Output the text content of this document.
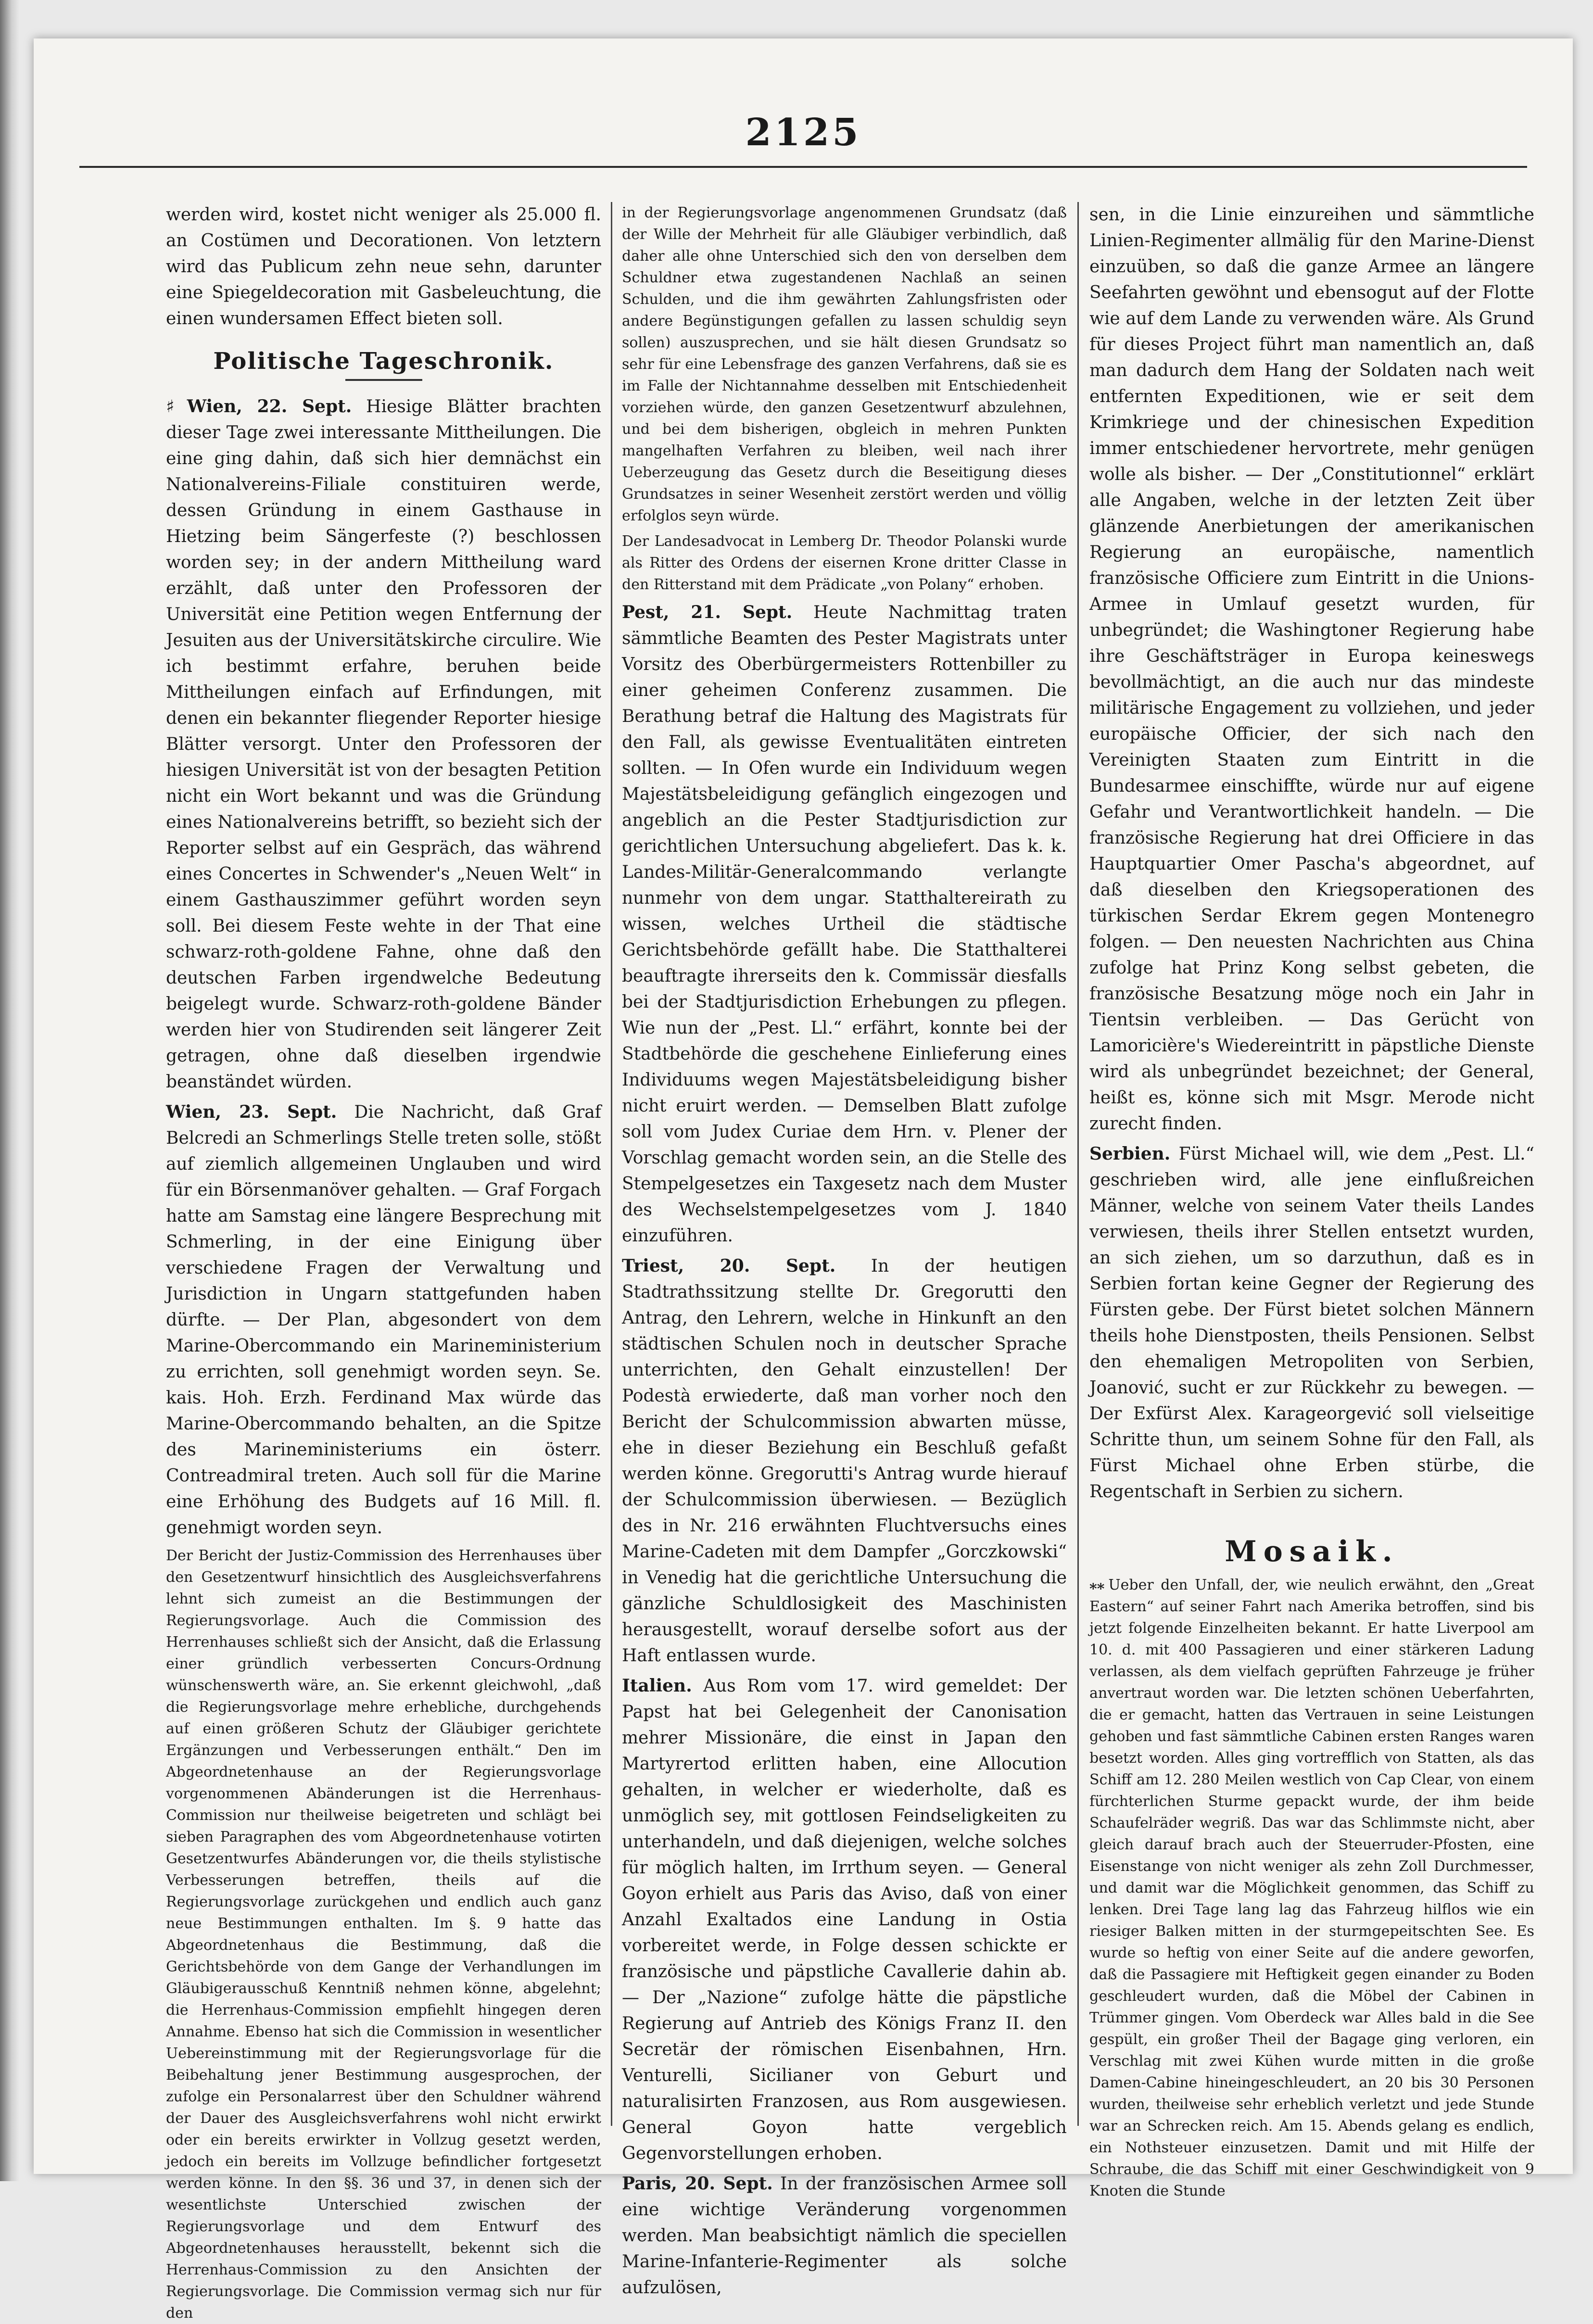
2125

werden wird, kostet nicht weniger als 25.000 fl. an Costümen und Decorationen. Von letztern wird das Publicum zehn neue sehn, darunter eine Spiegeldecoration mit Gasbeleuchtung, die einen wundersamen Effect bieten soll.

Politische Tageschronik.

♯ Wien, 22. Sept. Hiesige Blätter brachten dieser Tage zwei interessante Mittheilungen. Die eine ging dahin, daß sich hier demnächst ein Nationalvereins-Filiale constituiren werde, dessen Gründung in einem Gasthause in Hietzing beim Sängerfeste (?) beschlossen worden sey; in der andern Mittheilung ward erzählt, daß unter den Professoren der Universität eine Petition wegen Entfernung der Jesuiten aus der Universitätskirche circulire. Wie ich bestimmt erfahre, beruhen beide Mittheilungen einfach auf Erfindungen, mit denen ein bekannter fliegender Reporter hiesige Blätter versorgt. Unter den Professoren der hiesigen Universität ist von der besagten Petition nicht ein Wort bekannt und was die Gründung eines Nationalvereins betrifft, so bezieht sich der Reporter selbst auf ein Gespräch, das während eines Concertes in Schwender's „Neuen Welt“ in einem Gasthauszimmer geführt worden seyn soll. Bei diesem Feste wehte in der That eine schwarz-roth-goldene Fahne, ohne daß den deutschen Farben irgendwelche Bedeutung beigelegt wurde. Schwarz-roth-goldene Bänder werden hier von Studirenden seit längerer Zeit getragen, ohne daß dieselben irgendwie beanständet würden.

Wien, 23. Sept. Die Nachricht, daß Graf Belcredi an Schmerlings Stelle treten solle, stößt auf ziemlich allgemeinen Unglauben und wird für ein Börsenmanöver gehalten. — Graf Forgach hatte am Samstag eine längere Besprechung mit Schmerling, in der eine Einigung über verschiedene Fragen der Verwaltung und Jurisdiction in Ungarn stattgefunden haben dürfte. — Der Plan, abgesondert von dem Marine-Obercommando ein Marineministerium zu errichten, soll genehmigt worden seyn. Se. kais. Hoh. Erzh. Ferdinand Max würde das Marine-Obercommando behalten, an die Spitze des Marineministeriums ein österr. Contreadmiral treten. Auch soll für die Marine eine Erhöhung des Budgets auf 16 Mill. fl. genehmigt worden seyn.

Der Bericht der Justiz-Commission des Herrenhauses über den Gesetzentwurf hinsichtlich des Ausgleichsverfahrens lehnt sich zumeist an die Bestimmungen der Regierungsvorlage. Auch die Commission des Herrenhauses schließt sich der Ansicht, daß die Erlassung einer gründlich verbesserten Concurs-Ordnung wünschenswerth wäre, an. Sie erkennt gleichwohl, „daß die Regierungsvorlage mehre erhebliche, durchgehends auf einen größeren Schutz der Gläubiger gerichtete Ergänzungen und Verbesserungen enthält.“ Den im Abgeordnetenhause an der Regierungsvorlage vorgenommenen Abänderungen ist die Herrenhaus-Commission nur theilweise beigetreten und schlägt bei sieben Paragraphen des vom Abgeordnetenhause votirten Gesetzentwurfes Abänderungen vor, die theils stylistische Verbesserungen betreffen, theils auf die Regierungsvorlage zurückgehen und endlich auch ganz neue Bestimmungen enthalten. Im §. 9 hatte das Abgeordnetenhaus die Bestimmung, daß die Gerichtsbehörde von dem Gange der Verhandlungen im Gläubigerausschuß Kenntniß nehmen könne, abgelehnt; die Herrenhaus-Commission empfiehlt hingegen deren Annahme. Ebenso hat sich die Commission in wesentlicher Uebereinstimmung mit der Regierungsvorlage für die Beibehaltung jener Bestimmung ausgesprochen, der zufolge ein Personalarrest über den Schuldner während der Dauer des Ausgleichsverfahrens wohl nicht erwirkt oder ein bereits erwirkter in Vollzug gesetzt werden, jedoch ein bereits im Vollzuge befindlicher fortgesetzt werden könne. In den §§. 36 und 37, in denen sich der wesentlichste Unterschied zwischen der Regierungsvorlage und dem Entwurf des Abgeordnetenhauses herausstellt, bekennt sich die Herrenhaus-Commission zu den Ansichten der Regierungsvorlage. Die Commission vermag sich nur für den

in der Regierungsvorlage angenommenen Grundsatz (daß der Wille der Mehrheit für alle Gläubiger verbindlich, daß daher alle ohne Unterschied sich den von derselben dem Schuldner etwa zugestandenen Nachlaß an seinen Schulden, und die ihm gewährten Zahlungsfristen oder andere Begünstigungen gefallen zu lassen schuldig seyn sollen) auszusprechen, und sie hält diesen Grundsatz so sehr für eine Lebensfrage des ganzen Verfahrens, daß sie es im Falle der Nichtannahme desselben mit Entschiedenheit vorziehen würde, den ganzen Gesetzentwurf abzulehnen, und bei dem bisherigen, obgleich in mehren Punkten mangelhaften Verfahren zu bleiben, weil nach ihrer Ueberzeugung das Gesetz durch die Beseitigung dieses Grundsatzes in seiner Wesenheit zerstört werden und völlig erfolglos seyn würde.

Der Landesadvocat in Lemberg Dr. Theodor Polanski wurde als Ritter des Ordens der eisernen Krone dritter Classe in den Ritterstand mit dem Prädicate „von Polany“ erhoben.

Pest, 21. Sept. Heute Nachmittag traten sämmtliche Beamten des Pester Magistrats unter Vorsitz des Oberbürgermeisters Rottenbiller zu einer geheimen Conferenz zusammen. Die Berathung betraf die Haltung des Magistrats für den Fall, als gewisse Eventualitäten eintreten sollten. — In Ofen wurde ein Individuum wegen Majestätsbeleidigung gefänglich eingezogen und angeblich an die Pester Stadtjurisdiction zur gerichtlichen Untersuchung abgeliefert. Das k. k. Landes-Militär-Generalcommando verlangte nunmehr von dem ungar. Statthaltereirath zu wissen, welches Urtheil die städtische Gerichtsbehörde gefällt habe. Die Statthalterei beauftragte ihrerseits den k. Commissär diesfalls bei der Stadtjurisdiction Erhebungen zu pflegen. Wie nun der „Pest. Ll.“ erfährt, konnte bei der Stadtbehörde die geschehene Einlieferung eines Individuums wegen Majestätsbeleidigung bisher nicht eruirt werden. — Demselben Blatt zufolge soll vom Judex Curiae dem Hrn. v. Plener der Vorschlag gemacht worden sein, an die Stelle des Stempelgesetzes ein Taxgesetz nach dem Muster des Wechselstempelgesetzes vom J. 1840 einzuführen.

Triest, 20. Sept. In der heutigen Stadtrathssitzung stellte Dr. Gregorutti den Antrag, den Lehrern, welche in Hinkunft an den städtischen Schulen noch in deutscher Sprache unterrichten, den Gehalt einzustellen! Der Podestà erwiederte, daß man vorher noch den Bericht der Schulcommission abwarten müsse, ehe in dieser Beziehung ein Beschluß gefaßt werden könne. Gregorutti's Antrag wurde hierauf der Schulcommission überwiesen. — Bezüglich des in Nr. 216 erwähnten Fluchtversuchs eines Marine-Cadeten mit dem Dampfer „Gorczkowski“ in Venedig hat die gerichtliche Untersuchung die gänzliche Schuldlosigkeit des Maschinisten herausgestellt, worauf derselbe sofort aus der Haft entlassen wurde.

Italien. Aus Rom vom 17. wird gemeldet: Der Papst hat bei Gelegenheit der Canonisation mehrer Missionäre, die einst in Japan den Martyrertod erlitten haben, eine Allocution gehalten, in welcher er wiederholte, daß es unmöglich sey, mit gottlosen Feindseligkeiten zu unterhandeln, und daß diejenigen, welche solches für möglich halten, im Irrthum seyen. — General Goyon erhielt aus Paris das Aviso, daß von einer Anzahl Exaltados eine Landung in Ostia vorbereitet werde, in Folge dessen schickte er französische und päpstliche Cavallerie dahin ab. — Der „Nazione“ zufolge hätte die päpstliche Regierung auf Antrieb des Königs Franz II. den Secretär der römischen Eisenbahnen, Hrn. Venturelli, Sicilianer von Geburt und naturalisirten Franzosen, aus Rom ausgewiesen. General Goyon hatte vergeblich Gegenvorstellungen erhoben.

Paris, 20. Sept. In der französischen Armee soll eine wichtige Veränderung vorgenommen werden. Man beabsichtigt nämlich die speciellen Marine-Infanterie-Regimenter als solche aufzulösen,

sen, in die Linie einzureihen und sämmtliche Linien-Regimenter allmälig für den Marine-Dienst einzuüben, so daß die ganze Armee an längere Seefahrten gewöhnt und ebensogut auf der Flotte wie auf dem Lande zu verwenden wäre. Als Grund für dieses Project führt man namentlich an, daß man dadurch dem Hang der Soldaten nach weit entfernten Expeditionen, wie er seit dem Krimkriege und der chinesischen Expedition immer entschiedener hervortrete, mehr genügen wolle als bisher. — Der „Constitutionnel“ erklärt alle Angaben, welche in der letzten Zeit über glänzende Anerbietungen der amerikanischen Regierung an europäische, namentlich französische Officiere zum Eintritt in die Unions-Armee in Umlauf gesetzt wurden, für unbegründet; die Washingtoner Regierung habe ihre Geschäftsträger in Europa keineswegs bevollmächtigt, an die auch nur das mindeste militärische Engagement zu vollziehen, und jeder europäische Officier, der sich nach den Vereinigten Staaten zum Eintritt in die Bundesarmee einschiffte, würde nur auf eigene Gefahr und Verantwortlichkeit handeln. — Die französische Regierung hat drei Officiere in das Hauptquartier Omer Pascha's abgeordnet, auf daß dieselben den Kriegsoperationen des türkischen Serdar Ekrem gegen Montenegro folgen. — Den neuesten Nachrichten aus China zufolge hat Prinz Kong selbst gebeten, die französische Besatzung möge noch ein Jahr in Tientsin verbleiben. — Das Gerücht von Lamoricière's Wiedereintritt in päpstliche Dienste wird als unbegründet bezeichnet; der General, heißt es, könne sich mit Msgr. Merode nicht zurecht finden.

Serbien. Fürst Michael will, wie dem „Pest. Ll.“ geschrieben wird, alle jene einflußreichen Männer, welche von seinem Vater theils Landes verwiesen, theils ihrer Stellen entsetzt wurden, an sich ziehen, um so darzuthun, daß es in Serbien fortan keine Gegner der Regierung des Fürsten gebe. Der Fürst bietet solchen Männern theils hohe Dienstposten, theils Pensionen. Selbst den ehemaligen Metropoliten von Serbien, Joanović, sucht er zur Rückkehr zu bewegen. — Der Exfürst Alex. Karageorgević soll vielseitige Schritte thun, um seinem Sohne für den Fall, als Fürst Michael ohne Erben stürbe, die Regentschaft in Serbien zu sichern.

Mosaik.

⁎⁎ Ueber den Unfall, der, wie neulich erwähnt, den „Great Eastern“ auf seiner Fahrt nach Amerika betroffen, sind bis jetzt folgende Einzelheiten bekannt. Er hatte Liverpool am 10. d. mit 400 Passagieren und einer stärkeren Ladung verlassen, als dem vielfach geprüften Fahrzeuge je früher anvertraut worden war. Die letzten schönen Ueberfahrten, die er gemacht, hatten das Vertrauen in seine Leistungen gehoben und fast sämmtliche Cabinen ersten Ranges waren besetzt worden. Alles ging vortrefflich von Statten, als das Schiff am 12. 280 Meilen westlich von Cap Clear, von einem fürchterlichen Sturme gepackt wurde, der ihm beide Schaufelräder wegriß. Das war das Schlimmste nicht, aber gleich darauf brach auch der Steuerruder-Pfosten, eine Eisenstange von nicht weniger als zehn Zoll Durchmesser, und damit war die Möglichkeit genommen, das Schiff zu lenken. Drei Tage lang lag das Fahrzeug hilflos wie ein riesiger Balken mitten in der sturmgepeitschten See. Es wurde so heftig von einer Seite auf die andere geworfen, daß die Passagiere mit Heftigkeit gegen einander zu Boden geschleudert wurden, daß die Möbel der Cabinen in Trümmer gingen. Vom Oberdeck war Alles bald in die See gespült, ein großer Theil der Bagage ging verloren, ein Verschlag mit zwei Kühen wurde mitten in die große Damen-Cabine hineingeschleudert, an 20 bis 30 Personen wurden, theilweise sehr erheblich verletzt und jede Stunde war an Schrecken reich. Am 15. Abends gelang es endlich, ein Nothsteuer einzusetzen. Damit und mit Hilfe der Schraube, die das Schiff mit einer Geschwindigkeit von 9 Knoten die Stunde
